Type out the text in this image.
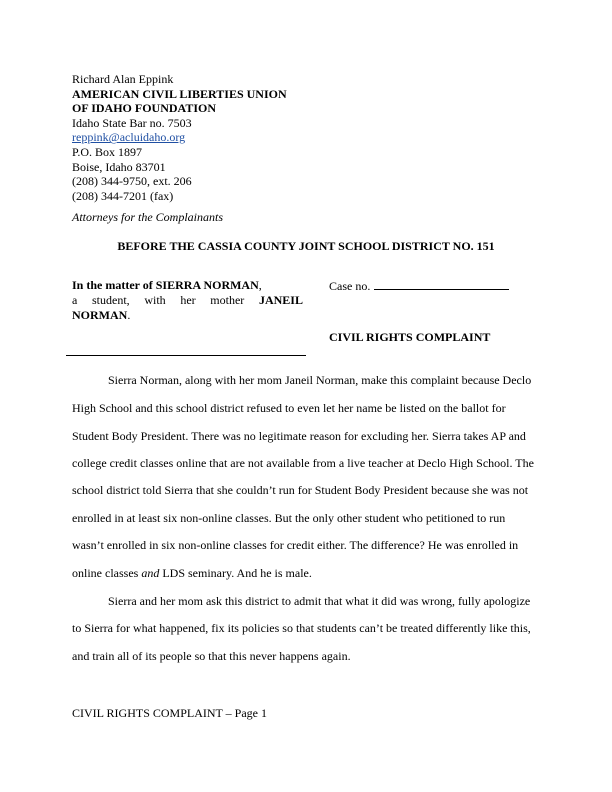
Richard Alan Eppink
AMERICAN CIVIL LIBERTIES UNION
OF IDAHO FOUNDATION
Idaho State Bar no. 7503
reppink@acluidaho.org
P.O. Box 1897
Boise, Idaho 83701
(208) 344-9750, ext. 206
(208) 344-7201 (fax)
Attorneys for the Complainants
BEFORE THE CASSIA COUNTY JOINT SCHOOL DISTRICT NO. 151
In the matter of SIERRA NORMAN,
a student, with her mother JANEIL
NORMAN.
Case no.
CIVIL RIGHTS COMPLAINT
Sierra Norman, along with her mom Janeil Norman, make this complaint because Declo
High School and this school district refused to even let her name be listed on the ballot for
Student Body President. There was no legitimate reason for excluding her. Sierra takes AP and
college credit classes online that are not available from a live teacher at Declo High School. The
school district told Sierra that she couldn’t run for Student Body President because she was not
enrolled in at least six non-online classes. But the only other student who petitioned to run
wasn’t enrolled in six non-online classes for credit either. The difference? He was enrolled in
online classes and LDS seminary. And he is male.
Sierra and her mom ask this district to admit that what it did was wrong, fully apologize
to Sierra for what happened, fix its policies so that students can’t be treated differently like this,
and train all of its people so that this never happens again.
CIVIL RIGHTS COMPLAINT – Page 1
